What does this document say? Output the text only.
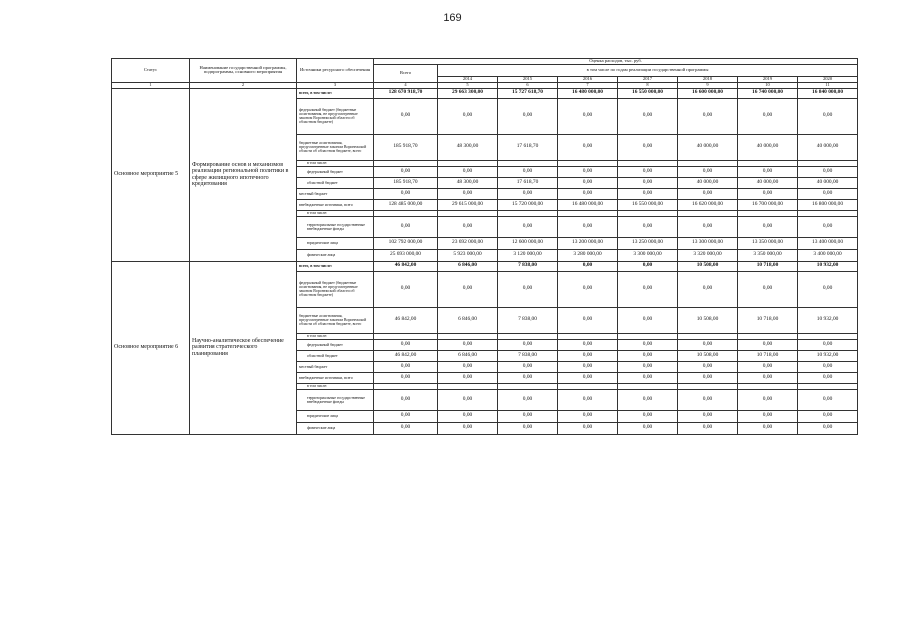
169
Статус	Наименование государственной программы, подпрограммы, основного мероприятия	Источники ресурсного обеспечения	Оценка расходов, тыс. руб.							
			Всего	в том числе по годам реализации государственной программы						
				2014	2015	2016	2017	2018	2019	2020
1	2	3	4	5	6	7	8	9	10	11
Основное мероприятие 5	Формирование основ и механизмов реализации региональной политики в сфере жилищного ипотечного кредитования	всего, в том числе:	128 670 918,70	29 663 300,00	15 727 618,70	16 480 000,00	16 550 000,00	16 600 000,00	16 740 000,00	16 840 000,00
		федеральный бюджет (бюджетные ассигнования, не предусмотренные законом Воронежской области об областном бюджете)	0,00	0,00	0,00	0,00	0,00	0,00	0,00	0,00
		бюджетные ассигнования, предусмотренные законом Воронежской области об областном бюджете, всего	185 918,70	48 300,00	17 618,70	0,00	0,00	40 000,00	40 000,00	40 000,00
		в том числе:								
		федеральный бюджет	0,00	0,00	0,00	0,00	0,00	0,00	0,00	0,00
		областной бюджет	185 918,70	48 300,00	17 618,70	0,00	0,00	40 000,00	40 000,00	40 000,00
		местный бюджет	0,00	0,00	0,00	0,00	0,00	0,00	0,00	0,00
		внебюджетные источники, всего	128 485 000,00	29 615 000,00	15 720 000,00	16 480 000,00	16 550 000,00	16 620 000,00	16 700 000,00	16 800 000,00
		в том числе:								
		территориальные государственные внебюджетные фонды	0,00	0,00	0,00	0,00	0,00	0,00	0,00	0,00
		юридические лица	102 792 000,00	23 692 000,00	12 600 000,00	13 200 000,00	13 250 000,00	13 300 000,00	13 350 000,00	13 400 000,00
		физические лица	25 693 000,00	5 923 000,00	3 120 000,00	3 280 000,00	3 300 000,00	3 320 000,00	3 350 000,00	3 400 000,00
Основное мероприятие 6	Научно-аналитическое обеспечение развития стратегического планирования	всего, в том числе:	46 842,00	6 846,00	7 838,00	0,00	0,00	10 508,00	10 718,00	10 932,00
		федеральный бюджет (бюджетные ассигнования, не предусмотренные законом Воронежской области об областном бюджете)	0,00	0,00	0,00	0,00	0,00	0,00	0,00	0,00
		бюджетные ассигнования, предусмотренные законом Воронежской области об областном бюджете, всего	46 842,00	6 846,00	7 838,00	0,00	0,00	10 508,00	10 718,00	10 932,00
		в том числе:								
		федеральный бюджет	0,00	0,00	0,00	0,00	0,00	0,00	0,00	0,00
		областной бюджет	46 842,00	6 846,00	7 838,00	0,00	0,00	10 508,00	10 718,00	10 932,00
		местный бюджет	0,00	0,00	0,00	0,00	0,00	0,00	0,00	0,00
		внебюджетные источники, всего	0,00	0,00	0,00	0,00	0,00	0,00	0,00	0,00
		в том числе:								
		территориальные государственные внебюджетные фонды	0,00	0,00	0,00	0,00	0,00	0,00	0,00	0,00
		юридические лица	0,00	0,00	0,00	0,00	0,00	0,00	0,00	0,00
		физические лица	0,00	0,00	0,00	0,00	0,00	0,00	0,00	0,00
